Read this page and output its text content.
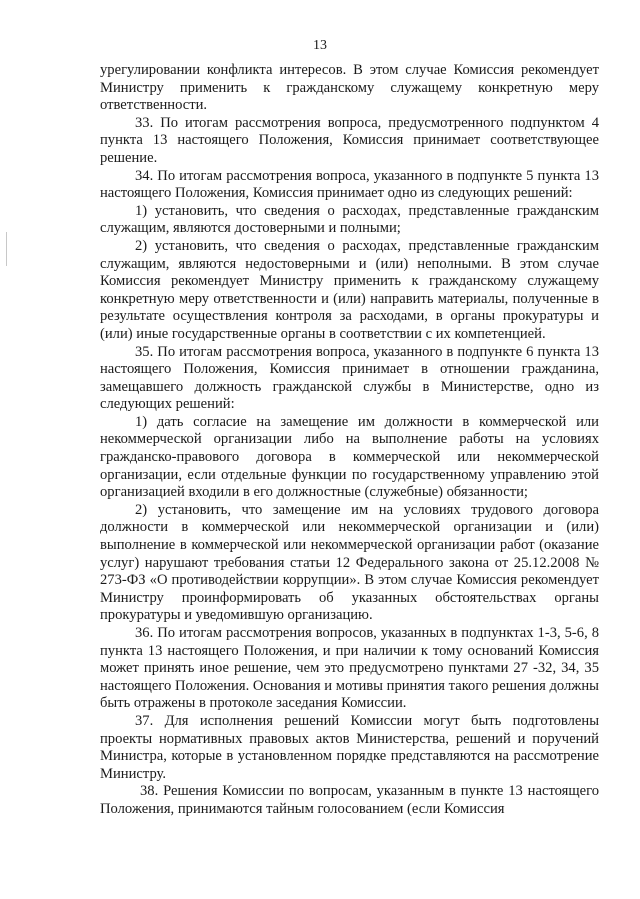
13

урегулировании конфликта интересов. В этом случае Комиссия рекомендует Министру применить к гражданскому служащему конкретную меру ответственности.

33. По итогам рассмотрения вопроса, предусмотренного подпунктом 4 пункта 13 настоящего Положения, Комиссия принимает соответствующее решение.

34. По итогам рассмотрения вопроса, указанного в подпункте 5 пункта 13 настоящего Положения, Комиссия принимает одно из следующих решений:

1) установить, что сведения о расходах, представленные гражданским служащим, являются достоверными и полными;

2) установить, что сведения о расходах, представленные гражданским служащим, являются недостоверными и (или) неполными. В этом случае Комиссия рекомендует Министру применить к гражданскому служащему конкретную меру ответственности и (или) направить материалы, полученные в результате осуществления контроля за расходами, в органы прокуратуры и (или) иные государственные органы в соответствии с их компетенцией.

35. По итогам рассмотрения вопроса, указанного в подпункте 6 пункта 13 настоящего Положения, Комиссия принимает в отношении гражданина, замещавшего должность гражданской службы в Министерстве, одно из следующих решений:

1) дать согласие на замещение им должности в коммерческой или некоммерческой организации либо на выполнение работы на условиях гражданско-правового договора в коммерческой или некоммерческой организации, если отдельные функции по государственному управлению этой организацией входили в его должностные (служебные) обязанности;

2) установить, что замещение им на условиях трудового договора должности в коммерческой или некоммерческой организации и (или) выполнение в коммерческой или некоммерческой организации работ (оказание услуг) нарушают требования статьи 12 Федерального закона от 25.12.2008 № 273-ФЗ «О противодействии коррупции». В этом случае Комиссия рекомендует Министру проинформировать об указанных обстоятельствах органы прокуратуры и уведомившую организацию.

36. По итогам рассмотрения вопросов, указанных в подпунктах 1-3, 5-6, 8 пункта 13 настоящего Положения, и при наличии к тому оснований Комиссия может принять иное решение, чем это предусмотрено пунктами 27 -32, 34, 35 настоящего Положения. Основания и мотивы принятия такого решения должны быть отражены в протоколе заседания Комиссии.

37. Для исполнения решений Комиссии могут быть подготовлены проекты нормативных правовых актов Министерства, решений и поручений Министра, которые в установленном порядке представляются на рассмотрение Министру.

38. Решения Комиссии по вопросам, указанным в пункте 13 настоящего Положения, принимаются тайным голосованием (если Комиссия
